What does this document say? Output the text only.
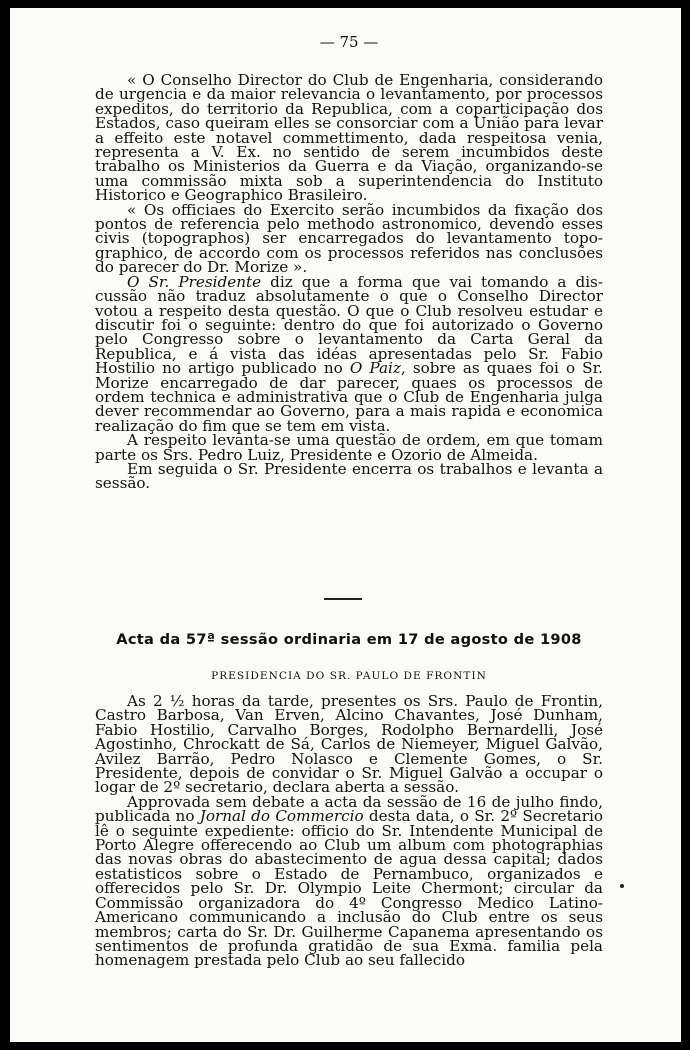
— 75 —

« O Conselho Director do Club de Engenharia, considerando de urgencia e da maior relevancia o levantamento, por processos expeditos, do territorio da Republica, com a coparticipação dos Estados, caso queiram elles se consorciar com a União para levar a effeito este notavel commettimento, dada respeitosa venia, representa a V. Ex. no sentido de serem incumbidos deste trabalho os Ministerios da Guerra e da Viação, organizando-se uma commissão mixta sob a superintendencia do Instituto Historico e Geographico Brasileiro.

« Os officiaes do Exercito serão incumbidos da fixação dos pontos de referencia pelo methodo astronomico, devendo esses civis (topographos) ser encarregados do levantamento topographico, de accordo com os processos referidos nas conclusões do parecer do Dr. Morize ».

O Sr. Presidente diz que a forma que vai tomando a discussão não traduz absolutamente o que o Conselho Director votou a respeito desta questão. O que o Club resolveu estudar e discutir foi o seguinte: dentro do que foi autorizado o Governo pelo Congresso sobre o levantamento da Carta Geral da Republica, e á vista das idéas apresentadas pelo Sr. Fabio Hostilio no artigo publicado no O Paiz, sobre as quaes foi o Sr. Morize encarregado de dar parecer, quaes os processos de ordem technica e administrativa que o Club de Engenharia julga dever recommendar ao Governo, para a mais rapida e economica realização do fim que se tem em vista.

A respeito levanta-se uma questão de ordem, em que tomam parte os Srs. Pedro Luiz, Presidente e Ozorio de Almeida.

Em seguida o Sr. Presidente encerra os trabalhos e levanta a sessão.

Acta da 57ª sessão ordinaria em 17 de agosto de 1908
PRESIDENCIA DO SR. PAULO DE FRONTIN

As 2 ½ horas da tarde, presentes os Srs. Paulo de Frontin, Castro Barbosa, Van Erven, Alcino Chavantes, José Dunham, Fabio Hostilio, Carvalho Borges, Rodolpho Bernardelli, José Agostinho, Chrockatt de Sá, Carlos de Niemeyer, Miguel Galvão, Avilez Barrão, Pedro Nolasco e Clemente Gomes, o Sr. Presidente, depois de convidar o Sr. Miguel Galvão a occupar o logar de 2º secretario, declara aberta a sessão.

Approvada sem debate a acta da sessão de 16 de julho findo, publicada no Jornal do Commercio desta data, o Sr. 2º Secretario lê o seguinte expediente: officio do Sr. Intendente Municipal de Porto Alegre offerecendo ao Club um album com photographias das novas obras do abastecimento de agua dessa capital; dados estatisticos sobre o Estado de Pernambuco, organizados e offerecidos pelo Sr. Dr. Olympio Leite Chermont; circular da Commissão organizadora do 4º Congresso Medico Latino-Americano communicando a inclusão do Club entre os seus membros; carta do Sr. Dr. Guilherme Capanema apresentando os sentimentos de profunda gratidão de sua Exma. familia pela homenagem prestada pelo Club ao seu fallecido
